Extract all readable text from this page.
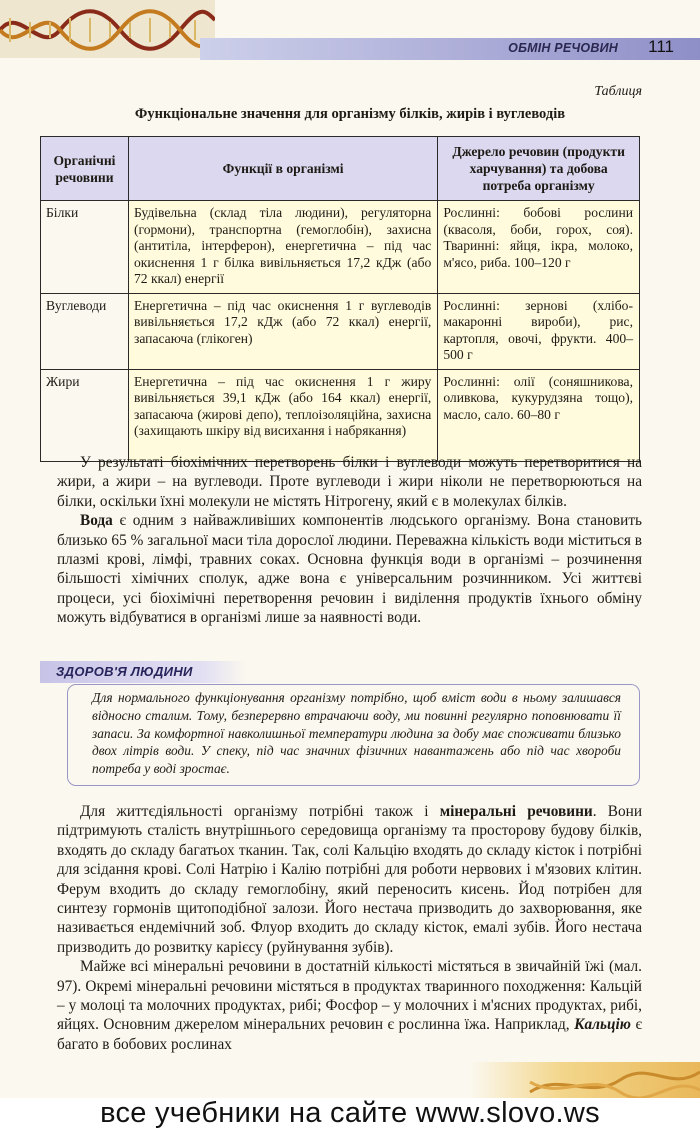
ОБМІН РЕЧОВИН 111
Таблиця
Функціональне значення для організму білків, жирів і вуглеводів
Органічні речовини	Функції в організмі	Джерело речовин (продукти харчування) та добова потреба організму
Білки	Будівельна (склад тіла людини), регуляторна (гормони), транспортна (гемоглобін), захисна (антитіла, інтерферон), енергетична – під час окиснення 1 г білка вивільняється 17,2 кДж (або 72 ккал) енергії	Рослинні: бобові рослини (квасоля, боби, горох, соя). Тваринні: яйця, ікра, молоко, м'ясо, риба. 100–120 г
Вуглеводи	Енергетична – під час окиснення 1 г вуглеводів вивільняється 17,2 кДж (або 72 ккал) енергії, запасаюча (глікоген)	Рослинні: зернові (хлібо-макаронні вироби), рис, картопля, овочі, фрукти. 400–500 г
Жири	Енергетична – під час окиснення 1 г жиру вивільняється 39,1 кДж (або 164 ккал) енергії, запасаюча (жирові депо), теплоізоляційна, захисна (захищають шкіру від висихання і набрякання)	Рослинні: олії (соняшникова, оливкова, кукурудзяна тощо), масло, сало. 60–80 г

У результаті біохімічних перетворень білки і вуглеводи можуть перетворитися на жири, а жири – на вуглеводи. Проте вуглеводи і жири ніколи не перетворюються на білки, оскільки їхні молекули не містять Нітрогену, який є в молекулах білків.

Вода є одним з найважливіших компонентів людського організму. Вона становить близько 65 % загальної маси тіла дорослої людини. Переважна кількість води міститься в плазмі крові, лімфі, травних соках. Основна функція води в організмі – розчинення більшості хімічних сполук, адже вона є універсальним розчинником. Усі життєві процеси, усі біохімічні перетворення речовин і виділення продуктів їхнього обміну можуть відбуватися в організмі лише за наявності води.

ЗДОРОВ'Я ЛЮДИНИ
Для нормального функціонування організму потрібно, щоб вміст води в ньому залишався відносно сталим. Тому, безперервно втрачаючи воду, ми повинні регулярно поповнювати її запаси. За комфортної навколишньої температури людина за добу має споживати близько двох літрів води. У спеку, під час значних фізичних навантажень або під час хвороби потреба у воді зростає.

Для життєдіяльності організму потрібні також і мінеральні речовини. Вони підтримують сталість внутрішнього середовища організму та просторову будову білків, входять до складу багатьох тканин. Так, солі Кальцію входять до складу кісток і потрібні для зсідання крові. Солі Натрію і Калію потрібні для роботи нервових і м'язових клітин. Ферум входить до складу гемоглобіну, який переносить кисень. Йод потрібен для синтезу гормонів щитоподібної залози. Його нестача призводить до захворювання, яке називається ендемічний зоб. Флуор входить до складу кісток, емалі зубів. Його нестача призводить до розвитку карієсу (руйнування зубів).

Майже всі мінеральні речовини в достатній кількості містяться в звичайній їжі (мал. 97). Окремі мінеральні речовини містяться в продуктах тваринного походження: Кальцій – у молоці та молочних продуктах, рибі; Фосфор – у молочних і м'ясних продуктах, рибі, яйцях. Основним джерелом мінеральних речовин є рослинна їжа. Наприклад, Кальцію є багато в бобових рослинах

все учебники на сайте www.slovo.ws
